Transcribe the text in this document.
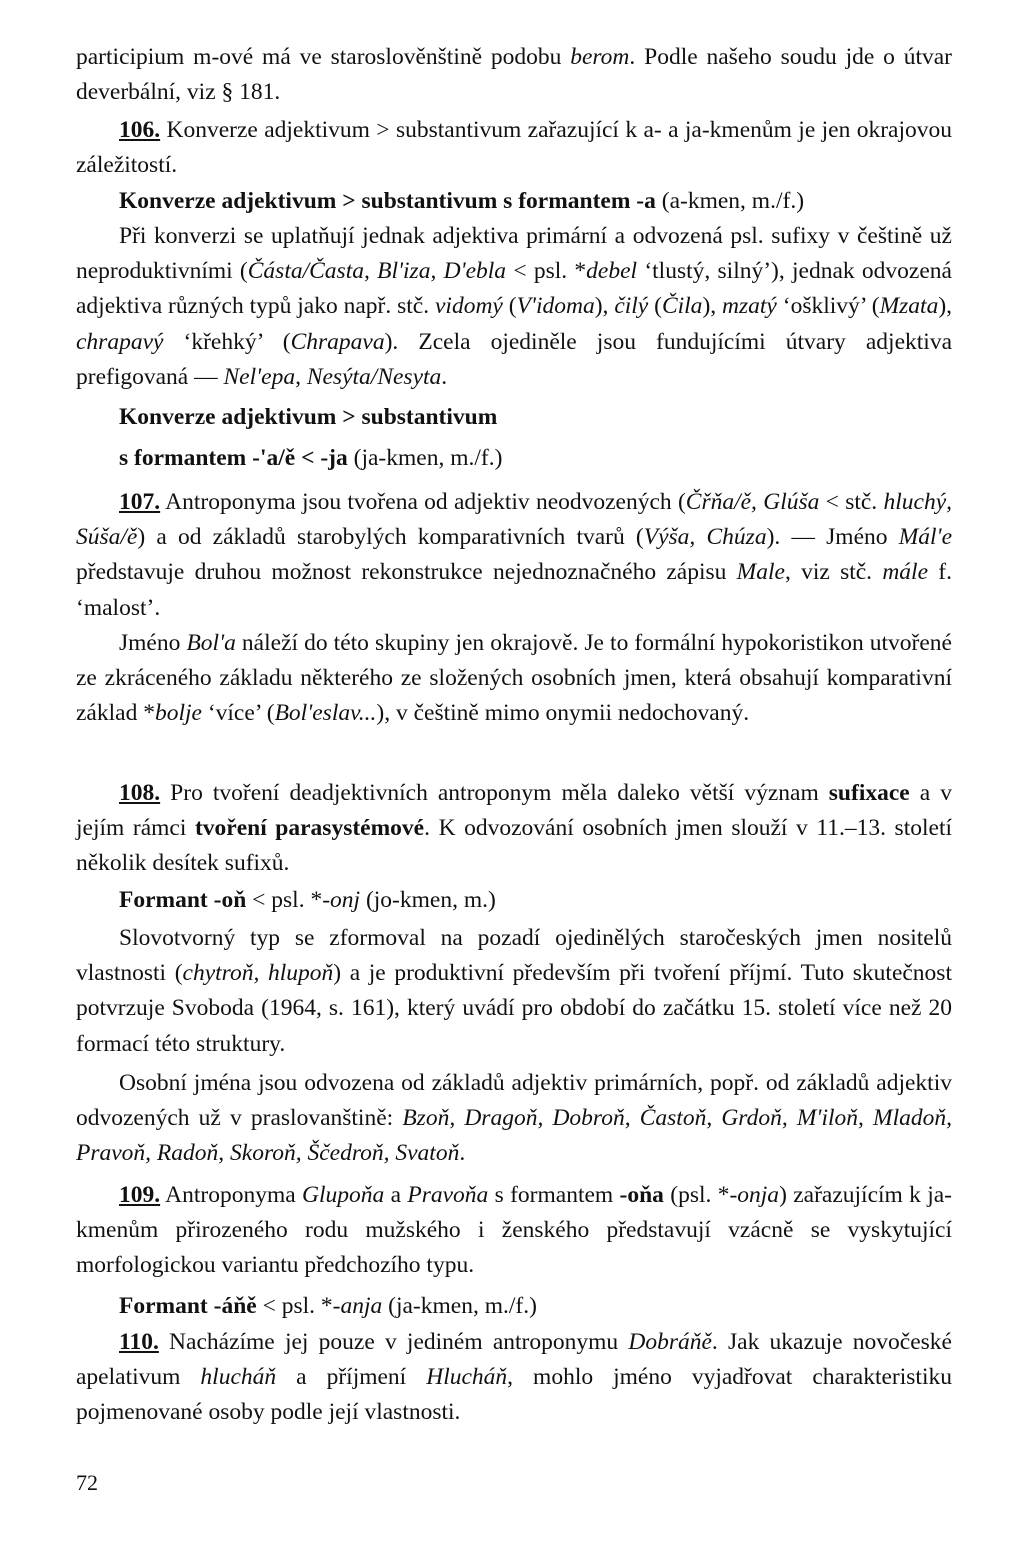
participium m-ové má ve staroslověnštině podobu berom. Podle našeho soudu jde o útvar deverbální, viz § 181.

106. Konverze adjektivum > substantivum zařazující k a- a ja-kmenům je jen okrajovou záležitostí.

Konverze adjektivum > substantivum s formantem -a (a-kmen, m./f.)

Při konverzi se uplatňují jednak adjektiva primární a odvozená psl. sufixy v češtině už neproduktivními (Částa/Časta, Bl'iza, D'ebla < psl. *debel ‘tlustý, silný’), jednak odvozená adjektiva různých typů jako např. stč. vidomý (V'idoma), čilý (Čila), mzatý ‘ošklivý’ (Mzata), chrapavý ‘křehký’ (Chrapava). Zcela ojediněle jsou fundujícími útvary adjektiva prefigovaná — Nel'epa, Nesýta/Nesyta.

Konverze adjektivum > substantivum

s formantem -'a/ě < -ja (ja-kmen, m./f.)

107. Antroponyma jsou tvořena od adjektiv neodvozených (Čřňa/ě, Glúša < stč. hluchý, Súša/ě) a od základů starobylých komparativních tvarů (Výša, Chúza). — Jméno Mál'e představuje druhou možnost rekonstrukce nejednoznačného zápisu Male, viz stč. mále f. ‘malost’.

Jméno Bol'a náleží do této skupiny jen okrajově. Je to formální hypokoristikon utvořené ze zkráceného základu některého ze složených osobních jmen, která obsahují komparativní základ *bolje ‘více’ (Bol'eslav...), v češtině mimo onymii nedochovaný.

108. Pro tvoření deadjektivních antroponym měla daleko větší význam sufixace a v jejím rámci tvoření parasystémové. K odvozování osobních jmen slouží v 11.–13. století několik desítek sufixů.

Formant -oň < psl. *-onj (jo-kmen, m.)

Slovotvorný typ se zformoval na pozadí ojedinělých staročeských jmen nositelů vlastnosti (chytroň, hlupoň) a je produktivní především při tvoření příjmí. Tuto skutečnost potvrzuje Svoboda (1964, s. 161), který uvádí pro období do začátku 15. století více než 20 formací této struktury.

Osobní jména jsou odvozena od základů adjektiv primárních, popř. od základů adjektiv odvozených už v praslovanštině: Bzoň, Dragoň, Dobroň, Častoň, Grdoň, M'iloň, Mladoň, Pravoň, Radoň, Skoroň, Ščedroň, Svatoň.

109. Antroponyma Glupoňa a Pravoňa s formantem -oňa (psl. *-onja) zařazujícím k ja-kmenům přirozeného rodu mužského i ženského představují vzácně se vyskytující morfologickou variantu předchozího typu.

Formant -áňě < psl. *-anja (ja-kmen, m./f.)

110. Nacházíme jej pouze v jediném antroponymu Dobráňě. Jak ukazuje novočeské apelativum hlucháň a příjmení Hlucháň, mohlo jméno vyjadřovat charakteristiku pojmenované osoby podle její vlastnosti.

72
